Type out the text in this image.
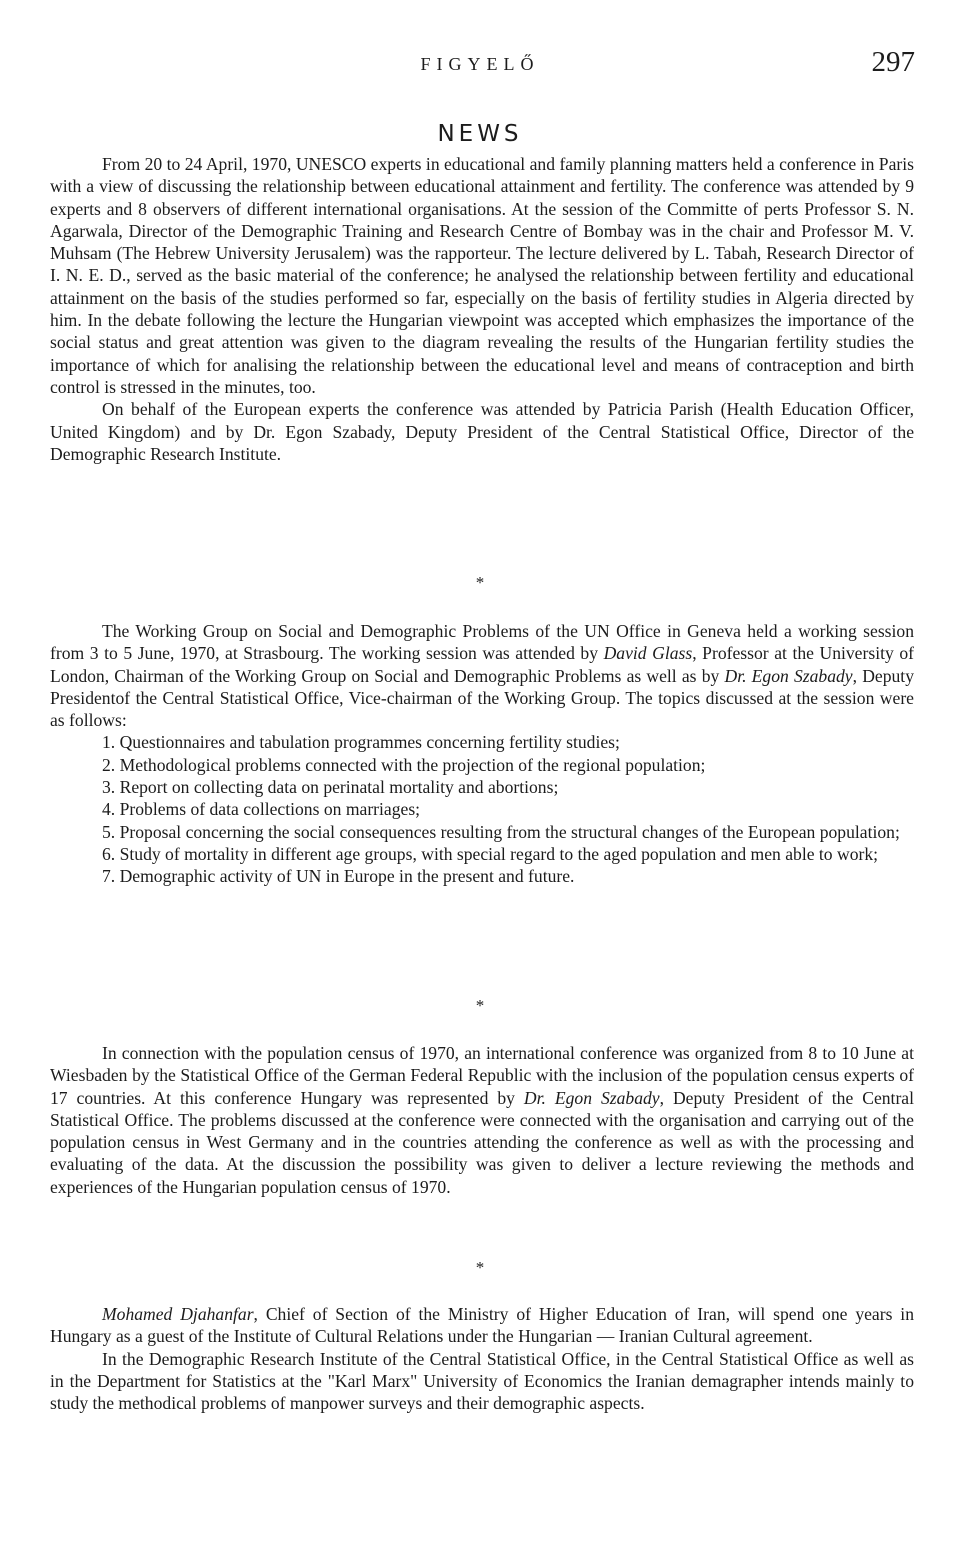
FIGYELŐ	297
NEWS

From 20 to 24 April, 1970, UNESCO experts in educational and family planning matters held a conference in Paris with a view of discussing the relationship between educational attainment and fertility. The conference was attended by 9 experts and 8 observers of different international organisations. At the session of the Committe of perts Professor S. N. Agarwala, Director of the Demographic Training and Research Centre of Bombay was in the chair and Professor M. V. Muhsam (The Hebrew University Jerusalem) was the rapporteur. The lecture delivered by L. Tabah, Research Director of I. N. E. D., served as the basic material of the conference; he analysed the relationship between fertility and educational attainment on the basis of the studies performed so far, especially on the basis of fertility studies in Algeria directed by him. In the debate following the lecture the Hungarian viewpoint was accepted which emphasizes the importance of the social status and great attention was given to the diagram revealing the results of the Hungarian fertility studies the importance of which for analising the relationship between the educational level and means of contraception and birth control is stressed in the minutes, too.

On behalf of the European experts the conference was attended by Patricia Parish (Health Education Officer, United Kingdom) and by Dr. Egon Szabady, Deputy President of the Central Statistical Office, Director of the Demographic Research Institute.

*

The Working Group on Social and Demographic Problems of the UN Office in Geneva held a working session from 3 to 5 June, 1970, at Strasbourg. The working session was attended by David Glass, Professor at the University of London, Chairman of the Working Group on Social and Demographic Problems as well as by Dr. Egon Szabady, Deputy Presidentof the Central Statistical Office, Vice-chairman of the Working Group. The topics discussed at the session were as follows:

1. Questionnaires and tabulation programmes concerning fertility studies;
2. Methodological problems connected with the projection of the regional population;
3. Report on collecting data on perinatal mortality and abortions;
4. Problems of data collections on marriages;
5. Proposal concerning the social consequences resulting from the structural changes of the European population;
6. Study of mortality in different age groups, with special regard to the aged population and men able to work;
7. Demographic activity of UN in Europe in the present and future.
*

In connection with the population census of 1970, an international conference was organized from 8 to 10 June at Wiesbaden by the Statistical Office of the German Federal Republic with the inclusion of the population census experts of 17 countries. At this conference Hungary was represented by Dr. Egon Szabady, Deputy President of the Central Statistical Office. The problems discussed at the conference were connected with the organisation and carrying out of the population census in West Germany and in the countries attending the conference as well as with the processing and evaluating of the data. At the discussion the possibility was given to deliver a lecture reviewing the methods and experiences of the Hungarian population census of 1970.

*

Mohamed Djahanfar, Chief of Section of the Ministry of Higher Education of Iran, will spend one years in Hungary as a guest of the Institute of Cultural Relations under the Hungarian — Iranian Cultural agreement.

In the Demographic Research Institute of the Central Statistical Office, in the Central Statistical Office as well as in the Department for Statistics at the "Karl Marx" University of Economics the Iranian demagrapher intends mainly to study the methodical problems of manpower surveys and their demographic aspects.
